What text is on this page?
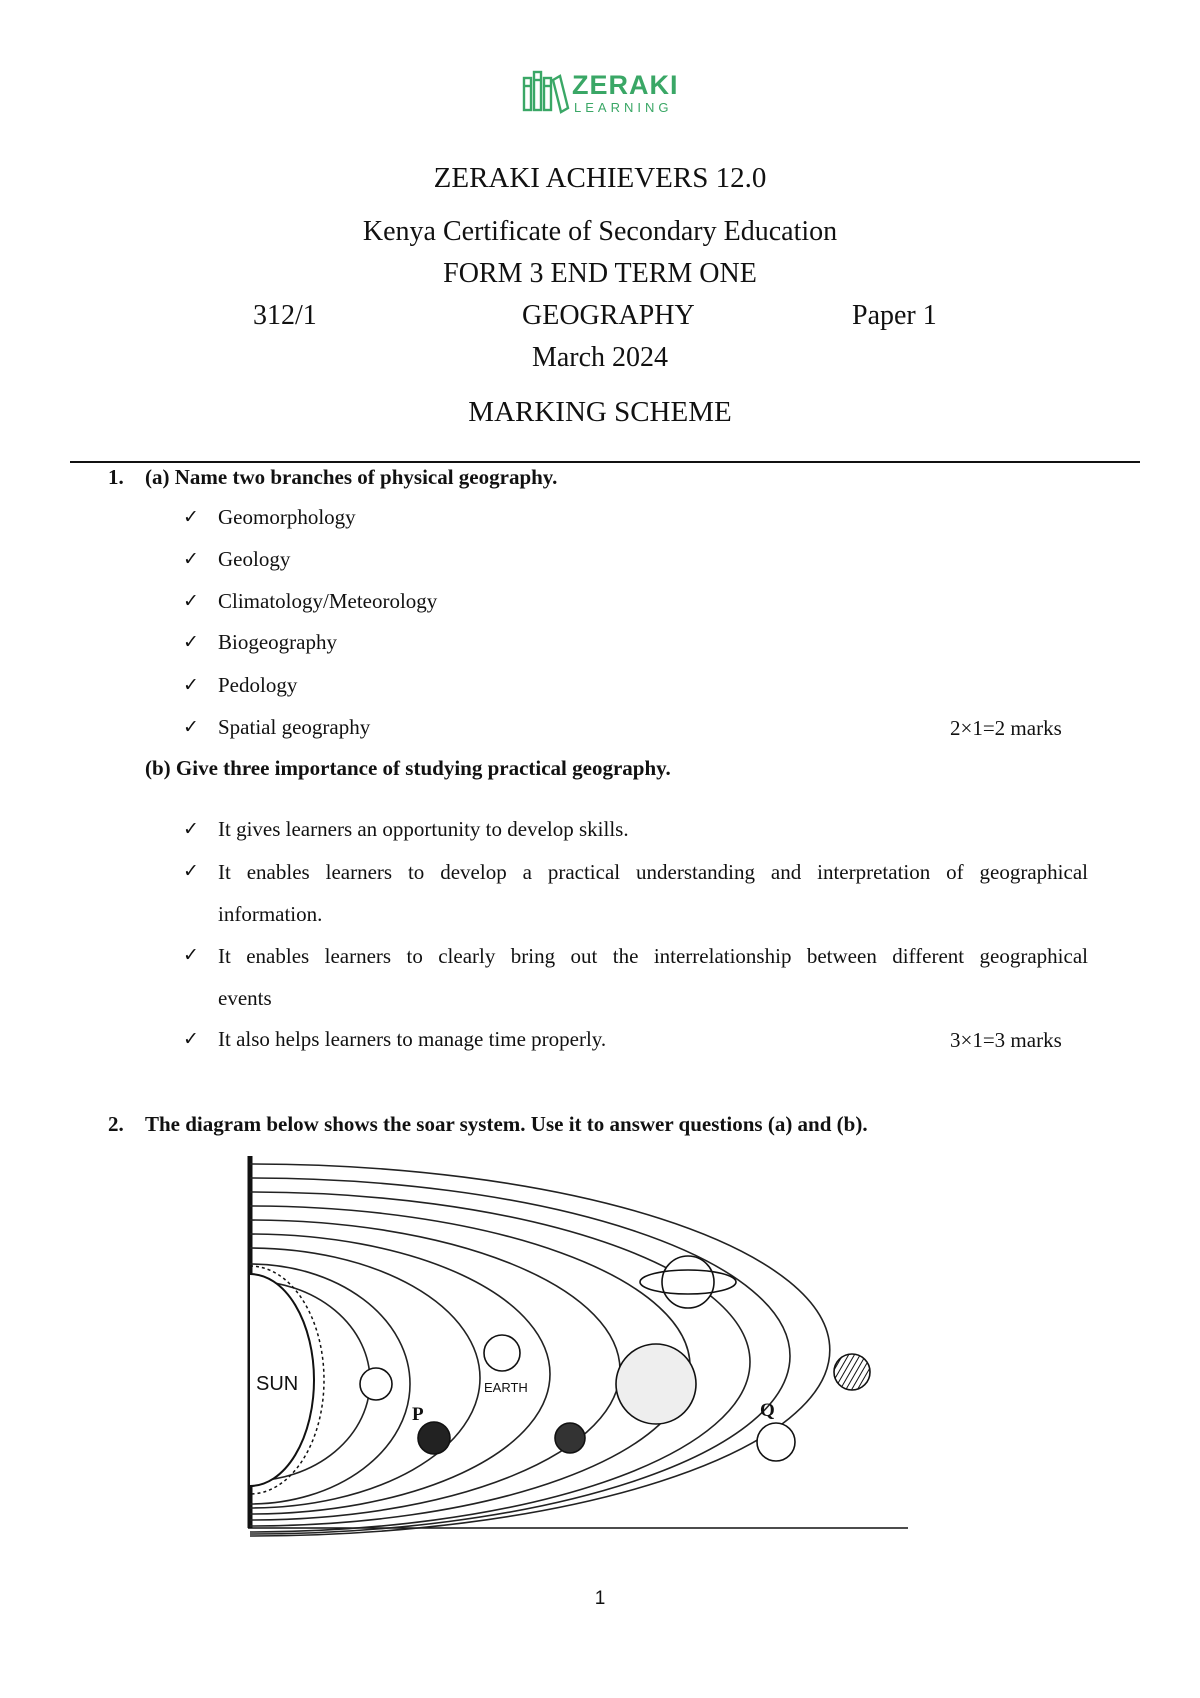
ZERAKI
LEARNING
ZERAKI ACHIEVERS 12.0
Kenya Certificate of Secondary Education
FORM 3 END TERM ONE
312/1	GEOGRAPHY	Paper 1
March 2024
MARKING SCHEME
1. (a) Name two branches of physical geography.
✓ Geomorphology
✓ Geology
✓ Climatology/Meteorology
✓ Biogeography
✓ Pedology
✓ Spatial geography	2×1=2 marks
(b) Give three importance of studying practical geography.
✓ It gives learners an opportunity to develop skills.
✓ It enables learners to develop a practical understanding and interpretation of geographical
information.
✓ It enables learners to clearly bring out the interrelationship between different geographical
events
✓ It also helps learners to manage time properly.	3×1=3 marks
2. The diagram below shows the soar system. Use it to answer questions (a) and (b).
SUN
P
EARTH
Q
1
